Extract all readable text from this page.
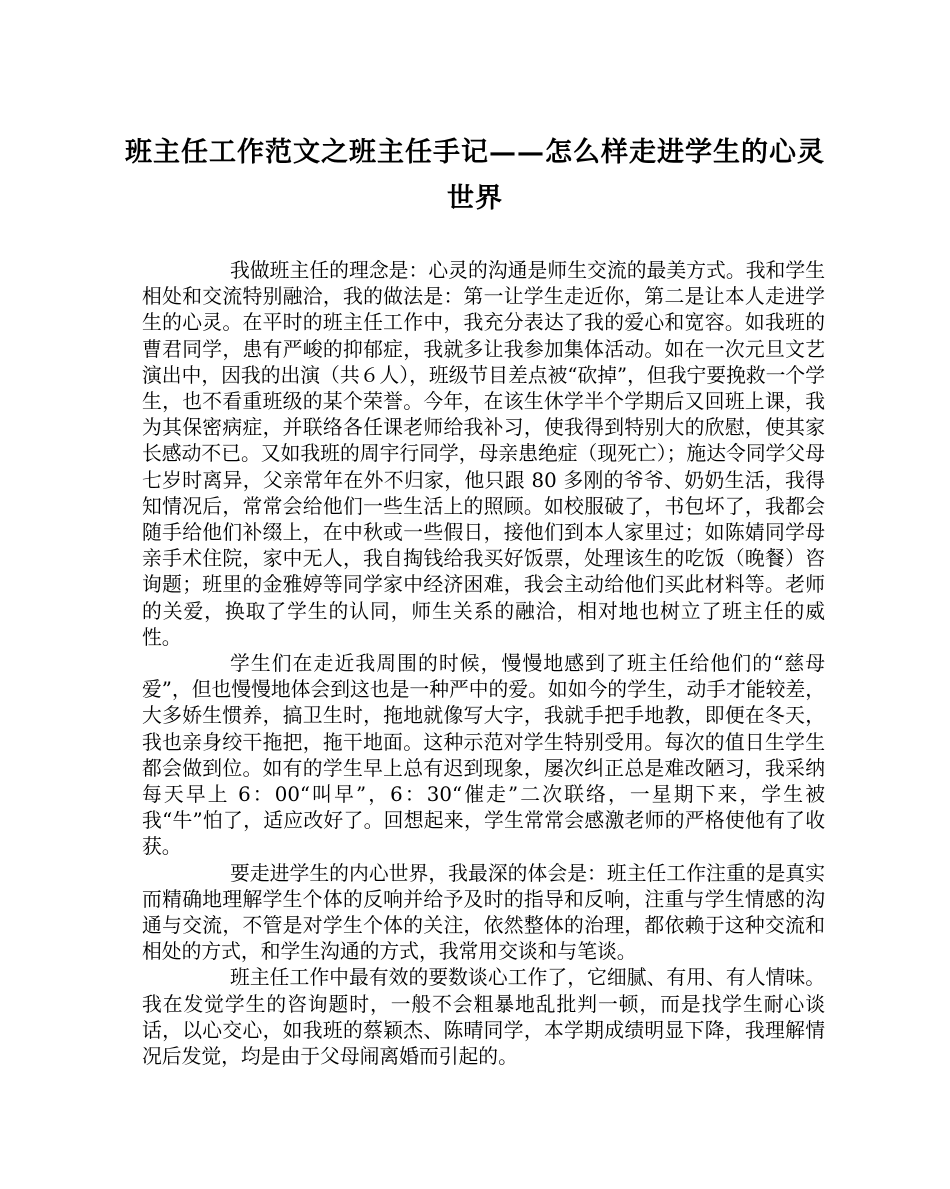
班主任工作范文之班主任手记——怎么样走进学生的心灵世界

我做班主任的理念是：心灵的沟通是师生交流的最美方式。我和学生相处和交流特别融洽，我的做法是：第一让学生走近你，第二是让本人走进学生的心灵。在平时的班主任工作中，我充分表达了我的爱心和宽容。如我班的曹君同学，患有严峻的抑郁症，我就多让我参加集体活动。如在一次元旦文艺演出中，因我的出演（共６人），班级节目差点被“砍掉”，但我宁要挽救一个学生，也不看重班级的某个荣誉。今年，在该生休学半个学期后又回班上课，我为其保密病症，并联络各任课老师给我补习，使我得到特别大的欣慰，使其家长感动不已。又如我班的周宇行同学，母亲患绝症（现死亡）；施达令同学父母七岁时离异，父亲常年在外不归家，他只跟 80 多刚的爷爷、奶奶生活，我得知情况后，常常会给他们一些生活上的照顾。如校服破了，书包坏了，我都会随手给他们补缀上，在中秋或一些假日，接他们到本人家里过；如陈婧同学母亲手术住院，家中无人，我自掏钱给我买好饭票，处理该生的吃饭（晚餐）咨询题；班里的金雅婷等同学家中经济困难，我会主动给他们买此材料等。老师的关爱，换取了学生的认同，师生关系的融洽，相对地也树立了班主任的威性。

学生们在走近我周围的时候，慢慢地感到了班主任给他们的“慈母爱”，但也慢慢地体会到这也是一种严中的爱。如如今的学生，动手才能较差，大多娇生惯养，搞卫生时，拖地就像写大字，我就手把手地教，即便在冬天，我也亲身绞干拖把，拖干地面。这种示范对学生特别受用。每次的值日生学生都会做到位。如有的学生早上总有迟到现象，屡次纠正总是难改陋习，我采纳每天早上 6：00“叫早”，6：30“催走”二次联络，一星期下来，学生被我“牛”怕了，适应改好了。回想起来，学生常常会感激老师的严格使他有了收获。

要走进学生的内心世界，我最深的体会是：班主任工作注重的是真实而精确地理解学生个体的反响并给予及时的指导和反响，注重与学生情感的沟通与交流，不管是对学生个体的关注，依然整体的治理，都依赖于这种交流和相处的方式，和学生沟通的方式，我常用交谈和与笔谈。

班主任工作中最有效的要数谈心工作了，它细腻、有用、有人情味。我在发觉学生的咨询题时，一般不会粗暴地乱批判一顿，而是找学生耐心谈话，以心交心，如我班的蔡颖杰、陈晴同学，本学期成绩明显下降，我理解情况后发觉，均是由于父母闹离婚而引起的。
